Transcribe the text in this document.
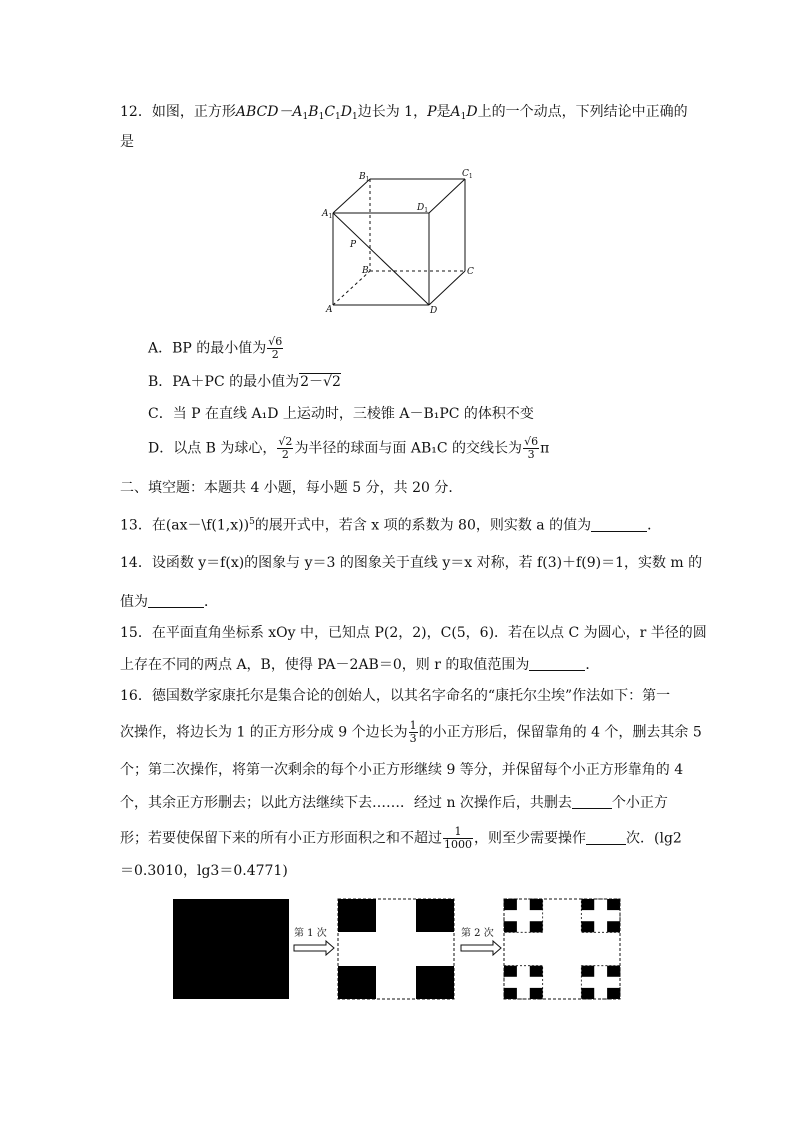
12．如图，正方形$ABCD-A_1B_1C_1D_1$边长为 1，P是$A_1D$上的一个动点，下列结论中正确的
是
$B_1$
$C_1$
$A_1$
$D_1$
P
B	C
A	D
A．BP 的最小值为 $\frac{√6}{2}$
B．PA＋PC 的最小值为2－√2
C．当 P 在直线 A₁D 上运动时，三棱锥 A－B₁PC 的体积不变
D．以点 B 为球心， $\frac{√2}{2}$ 为半径的球面与面 AB₁C 的交线长为 $\frac{√6}{3}$ π
二、填空题：本题共 4 小题，每小题 5 分，共 20 分．
13．在(ax－\f(1,x))$^5$的展开式中，若含 x 项的系数为 80，则实数 a 的值为	．
14．设函数 y＝f(x)的图象与 y＝3 的图象关于直线 y＝x 对称，若 f(3)＋f(9)＝1，实数 m 的
值为	．
15．在平面直角坐标系 xOy 中，已知点 P(2，2)，C(5，6)．若在以点 C 为圆心，r 半径的圆
上存在不同的两点 A，B，使得 PA－2AB＝0，则 r 的取值范围为	．
16．德国数学家康托尔是集合论的创始人，以其名字命名的“康托尔尘埃”作法如下：第一
次操作，将边长为 1 的正方形分成 9 个边长为 $\frac{1}{3}$ 的小正方形后，保留靠角的 4 个，删去其余 5
个；第二次操作，将第一次剩余的每个小正方形继续 9 等分，并保留每个小正方形靠角的 4
个，其余正方形删去；以此方法继续下去……．经过 n 次操作后，共删去	个小正方
形；若要使保留下来的所有小正方形面积之和不超过 $\frac{1}{1000}$ ，则至少需要操作	次．(lg2
＝0.3010，lg3＝0.4771)
第 1 次	第 2 次
